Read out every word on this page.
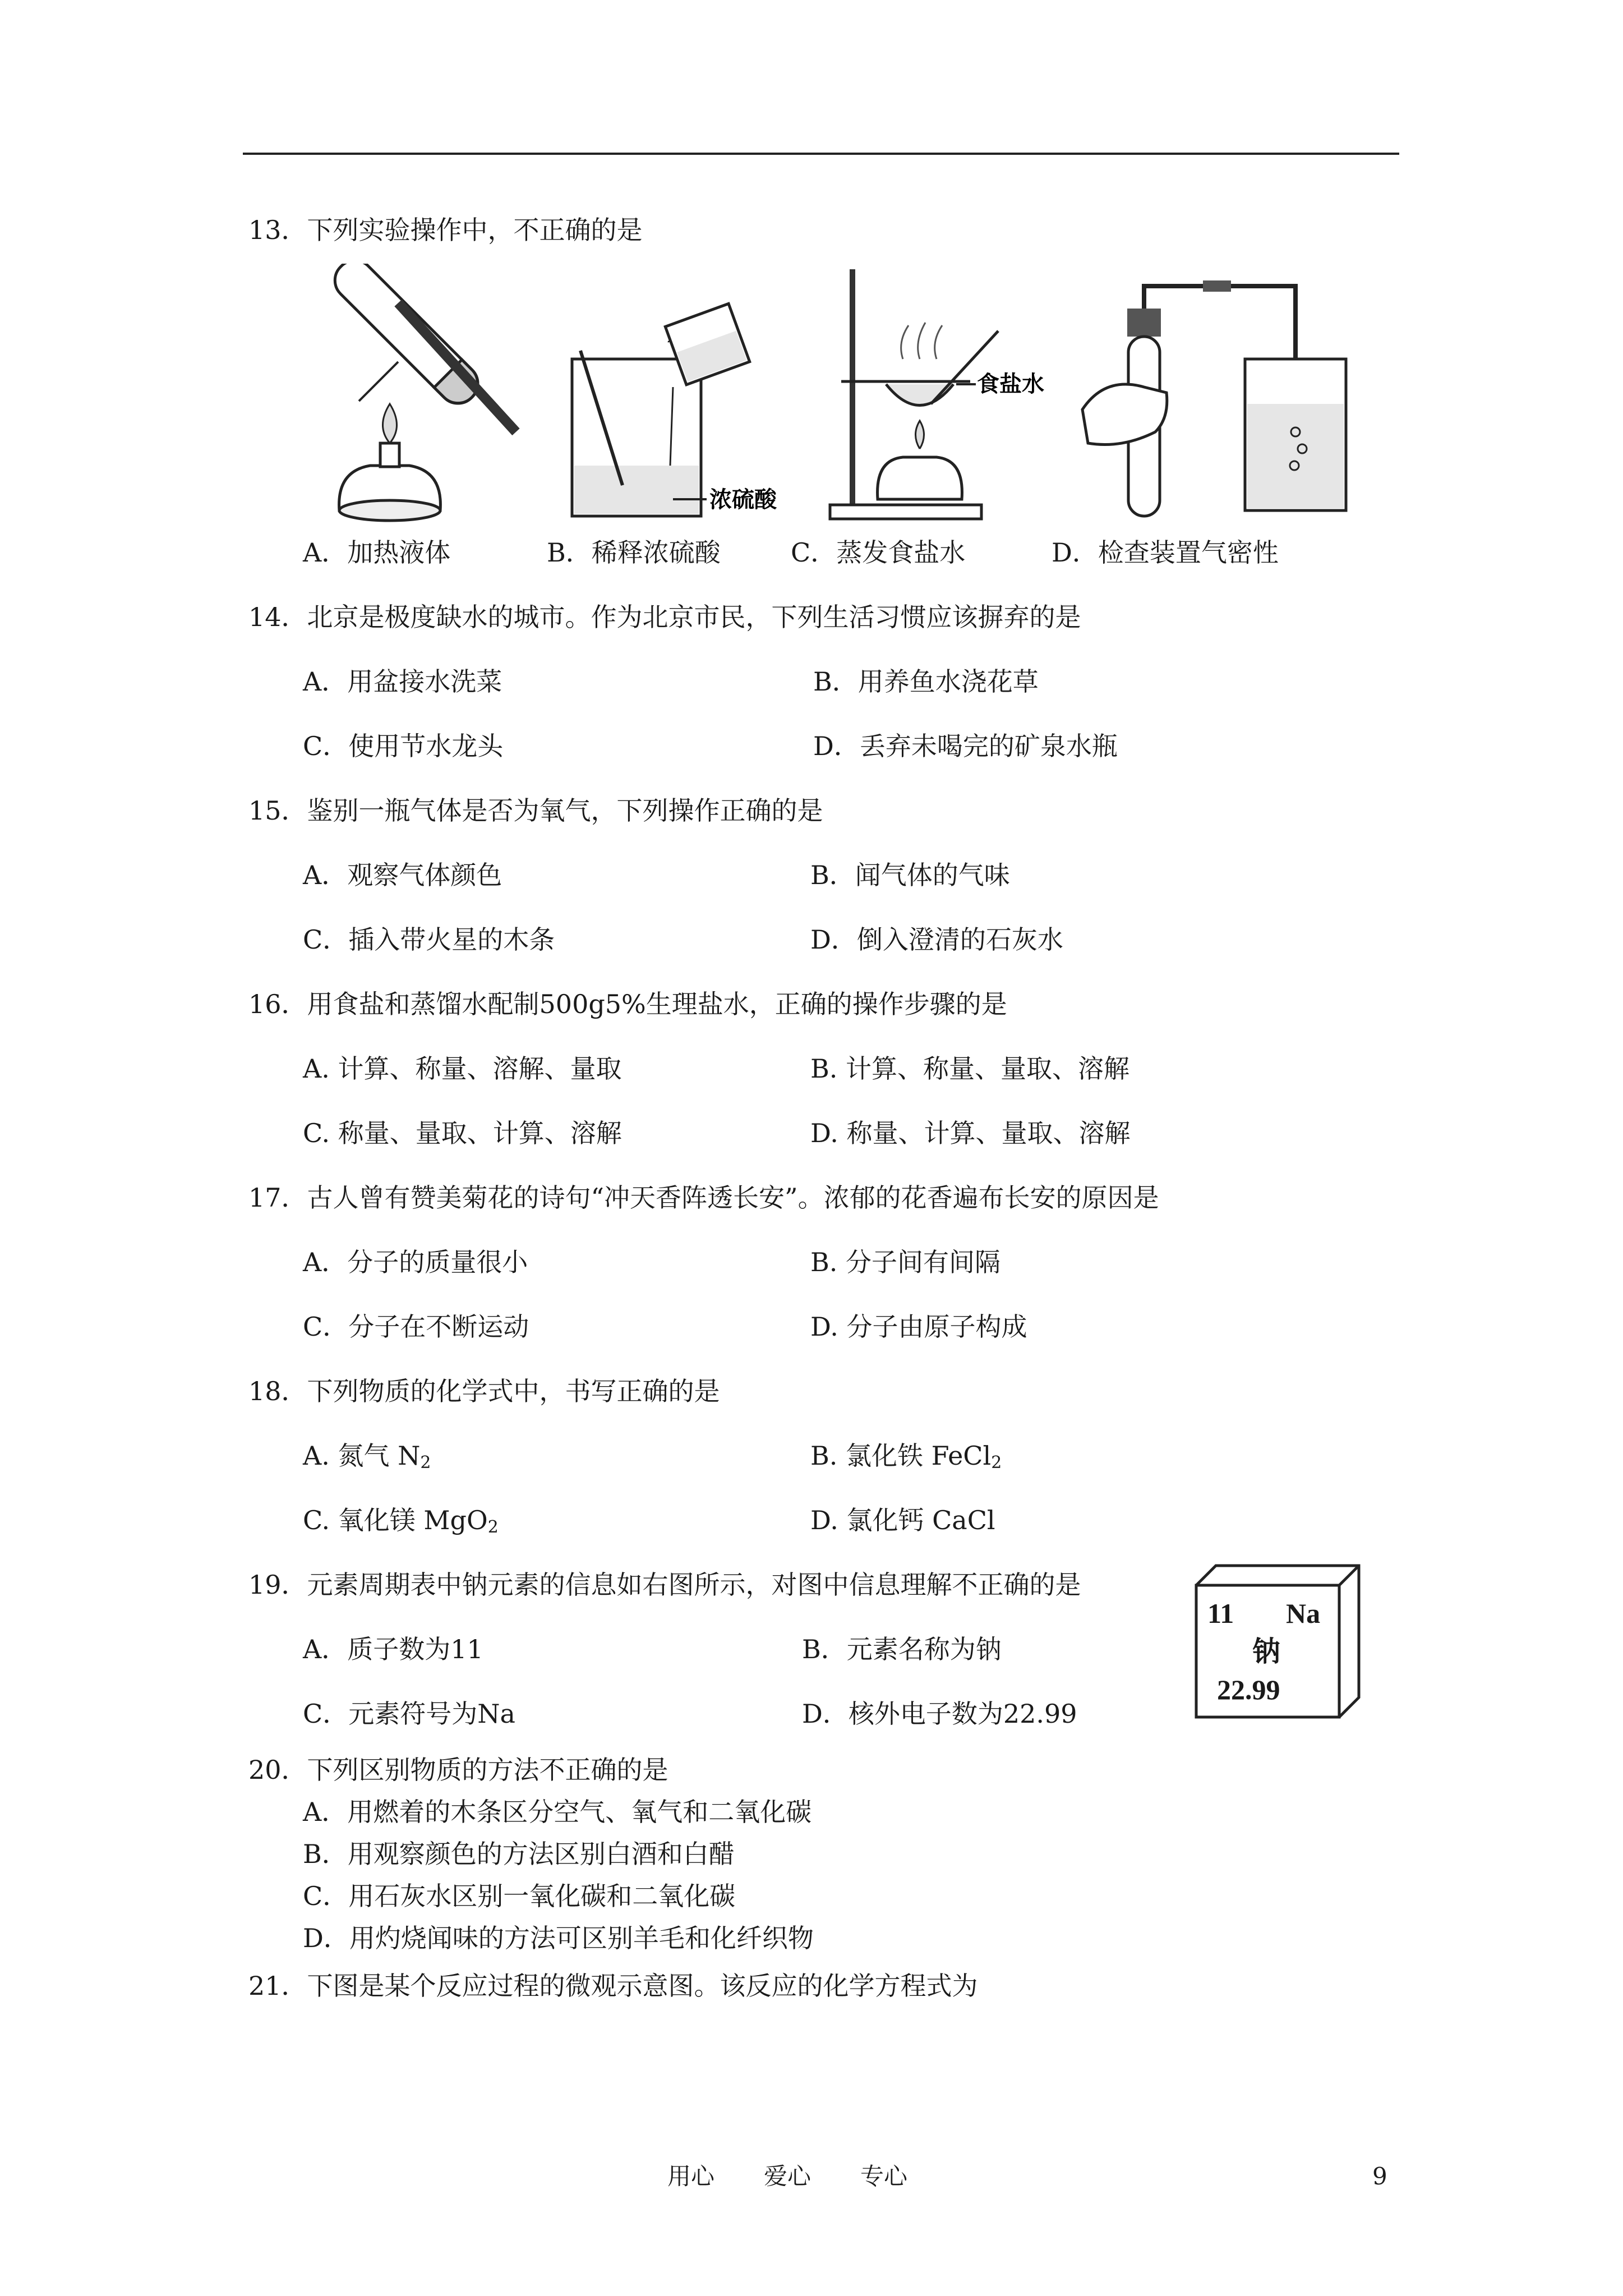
13．下列实验操作中，不正确的是
浓硫酸
食盐水
A．加热液体	B．稀释浓硫酸	C．蒸发食盐水	D．检查装置气密性
14．北京是极度缺水的城市。作为北京市民，下列生活习惯应该摒弃的是
A．用盆接水洗菜	B．用养鱼水浇花草
C．使用节水龙头	D．丢弃未喝完的矿泉水瓶
15．鉴别一瓶气体是否为氧气，下列操作正确的是
A．观察气体颜色	B．闻气体的气味
C．插入带火星的木条	D．倒入澄清的石灰水
16．用食盐和蒸馏水配制500g5%生理盐水，正确的操作步骤的是
A. 计算、称量、溶解、量取	B. 计算、称量、量取、溶解
C. 称量、量取、计算、溶解	D. 称量、计算、量取、溶解
17．古人曾有赞美菊花的诗句“冲天香阵透长安”。浓郁的花香遍布长安的原因是
A．分子的质量很小	B. 分子间有间隔
C．分子在不断运动	D. 分子由原子构成
18．下列物质的化学式中，书写正确的是
A. 氮气 $N_2$	B. 氯化铁 FeCl$_2$
C. 氧化镁 MgO$_2$	D. 氯化钙 CaCl
19．元素周期表中钠元素的信息如右图所示，对图中信息理解不正确的是
A．质子数为11	B．元素名称为钠
C．元素符号为Na	D．核外电子数为22.99
11 Na
钠
22.99
20．下列区别物质的方法不正确的是
A．用燃着的木条区分空气、氧气和二氧化碳
B．用观察颜色的方法区别白酒和白醋
C．用石灰水区别一氧化碳和二氧化碳
D．用灼烧闻味的方法可区别羊毛和化纤织物
21．下图是某个反应过程的微观示意图。该反应的化学方程式为
用心 爱心 专心	9
